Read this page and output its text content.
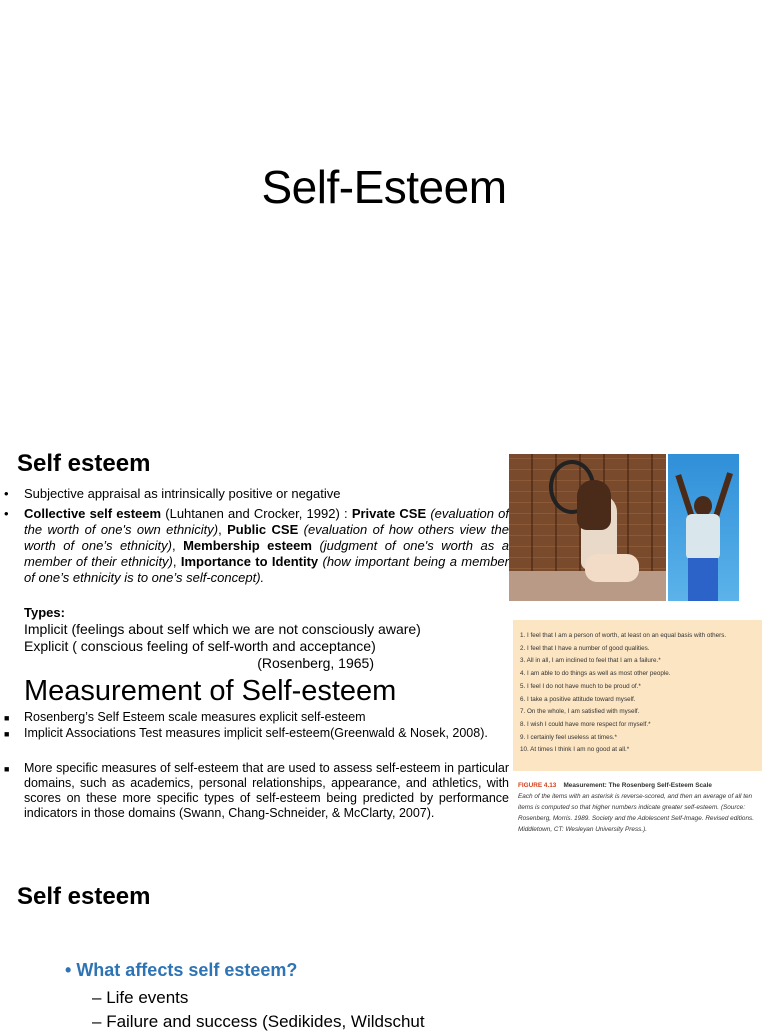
Self-Esteem
Self esteem
• Subjective appraisal as intrinsically positive or negative
• Collective self esteem (Luhtanen and Crocker, 1992) : Private CSE (evaluation of the worth of one's own ethnicity), Public CSE (evaluation of how others view the worth of one’s ethnicity), Membership esteem (judgment of one's worth as a member of their ethnicity), Importance to Identity (how important being a member of one’s ethnicity is to one’s self-concept).
Types:
Implicit (feelings about self which we are not consciously aware)
Explicit ( conscious feeling of self-worth and acceptance)
(Rosenberg, 1965)
1. I feel that I am a person of worth, at least on an equal basis with others.
2. I feel that I have a number of good qualities.
3. All in all, I am inclined to feel that I am a failure.*
4. I am able to do things as well as most other people.
5. I feel I do not have much to be proud of.*
6. I take a positive attitude toward myself.
7. On the whole, I am satisfied with myself.
8. I wish I could have more respect for myself.*
9. I certainly feel useless at times.*
10. At times I think I am no good at all.*
FIGURE 4.13 Measurement: The Rosenberg Self-Esteem Scale
Each of the items with an asterisk is reverse-scored, and then an average of all ten items is computed so that higher numbers indicate greater self-esteem. (Source: Rosenberg, Morris. 1989. Society and the Adolescent Self-Image. Revised editions. Middletown, CT: Wesleyan University Press.).
Measurement of Self-esteem
■ Rosenberg’s Self Esteem scale measures explicit self-esteem
■ Implicit Associations Test measures implicit self-esteem(Greenwald & Nosek, 2008).
■ More specific measures of self-esteem that are used to assess self-esteem in particular domains, such as academics, personal relationships, appearance, and athletics, with scores on these more specific types of self-esteem being predicted by performance indicators in those domains (Swann, Chang-Schneider, & McClarty, 2007).
Self esteem
• What affects self esteem?
– Life events
– Failure and success (Sedikides, Wildschut
